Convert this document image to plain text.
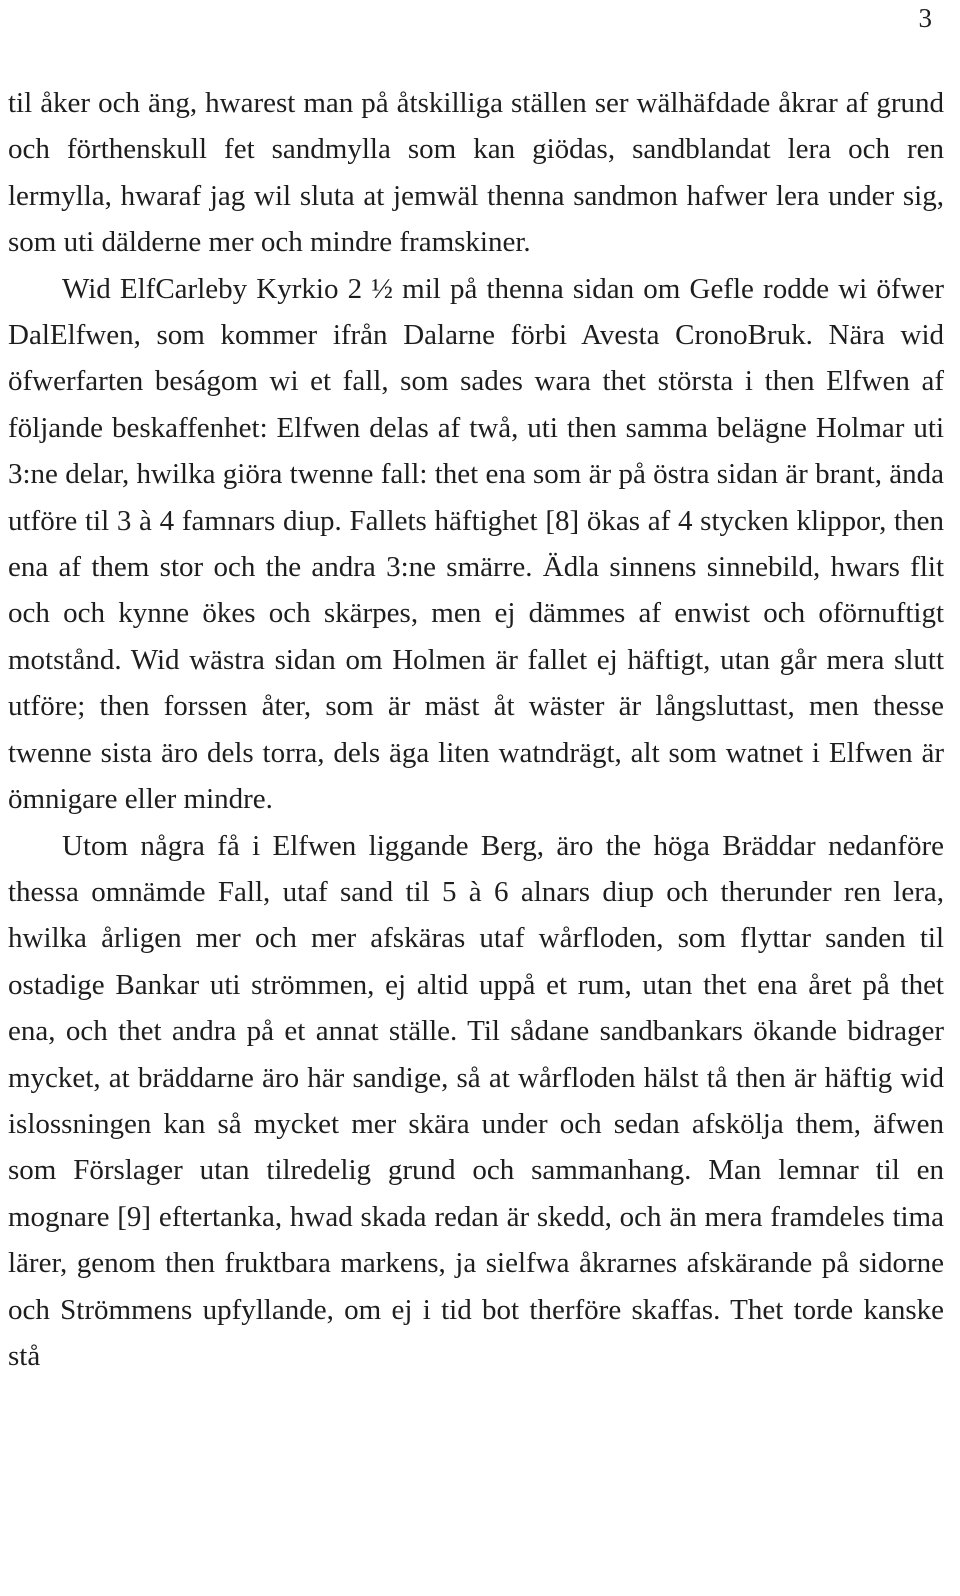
3

til åker och äng, hwarest man på åtskilliga ställen ser wälhäfdade åkrar af grund och förthenskull fet sandmylla som kan giödas, sandblandat lera och ren lermylla, hwaraf jag wil sluta at jemwäl thenna sandmon hafwer lera under sig, som uti dälderne mer och mindre framskiner.

Wid ElfCarleby Kyrkio 2 ½ mil på thenna sidan om Gefle rodde wi öfwer DalElfwen, som kommer ifrån Dalarne förbi Avesta CronoBruk. Nära wid öfwerfarten beságom wi et fall, som sades wara thet största i then Elfwen af följande beskaffenhet: Elfwen delas af twå, uti then samma belägne Holmar uti 3:ne delar, hwilka giöra twenne fall: thet ena som är på östra sidan är brant, ända utföre til 3 à 4 famnars diup. Fallets häftighet [8] ökas af 4 stycken klippor, then ena af them stor och the andra 3:ne smärre. Ädla sinnens sinnebild, hwars flit och och kynne ökes och skärpes, men ej dämmes af enwist och oförnuftigt motstånd. Wid wästra sidan om Holmen är fallet ej häftigt, utan går mera slutt utföre; then forssen åter, som är mäst åt wäster är långsluttast, men thesse twenne sista äro dels torra, dels äga liten watndrägt, alt som watnet i Elfwen är ömnigare eller mindre.

Utom några få i Elfwen liggande Berg, äro the höga Bräddar nedanföre thessa omnämde Fall, utaf sand til 5 à 6 alnars diup och therunder ren lera, hwilka årligen mer och mer afskäras utaf wårfloden, som flyttar sanden til ostadige Bankar uti strömmen, ej altid uppå et rum, utan thet ena året på thet ena, och thet andra på et annat ställe. Til sådane sandbankars ökande bidrager mycket, at bräddarne äro här sandige, så at wårfloden hälst tå then är häftig wid islossningen kan så mycket mer skära under och sedan afskölja them, äfwen som Förslager utan tilredelig grund och sammanhang. Man lemnar til en mognare [9] eftertanka, hwad skada redan är skedd, och än mera framdeles tima lärer, genom then fruktbara markens, ja sielfwa åkrarnes afskärande på sidorne och Strömmens upfyllande, om ej i tid bot therföre skaffas. Thet torde kanske stå
